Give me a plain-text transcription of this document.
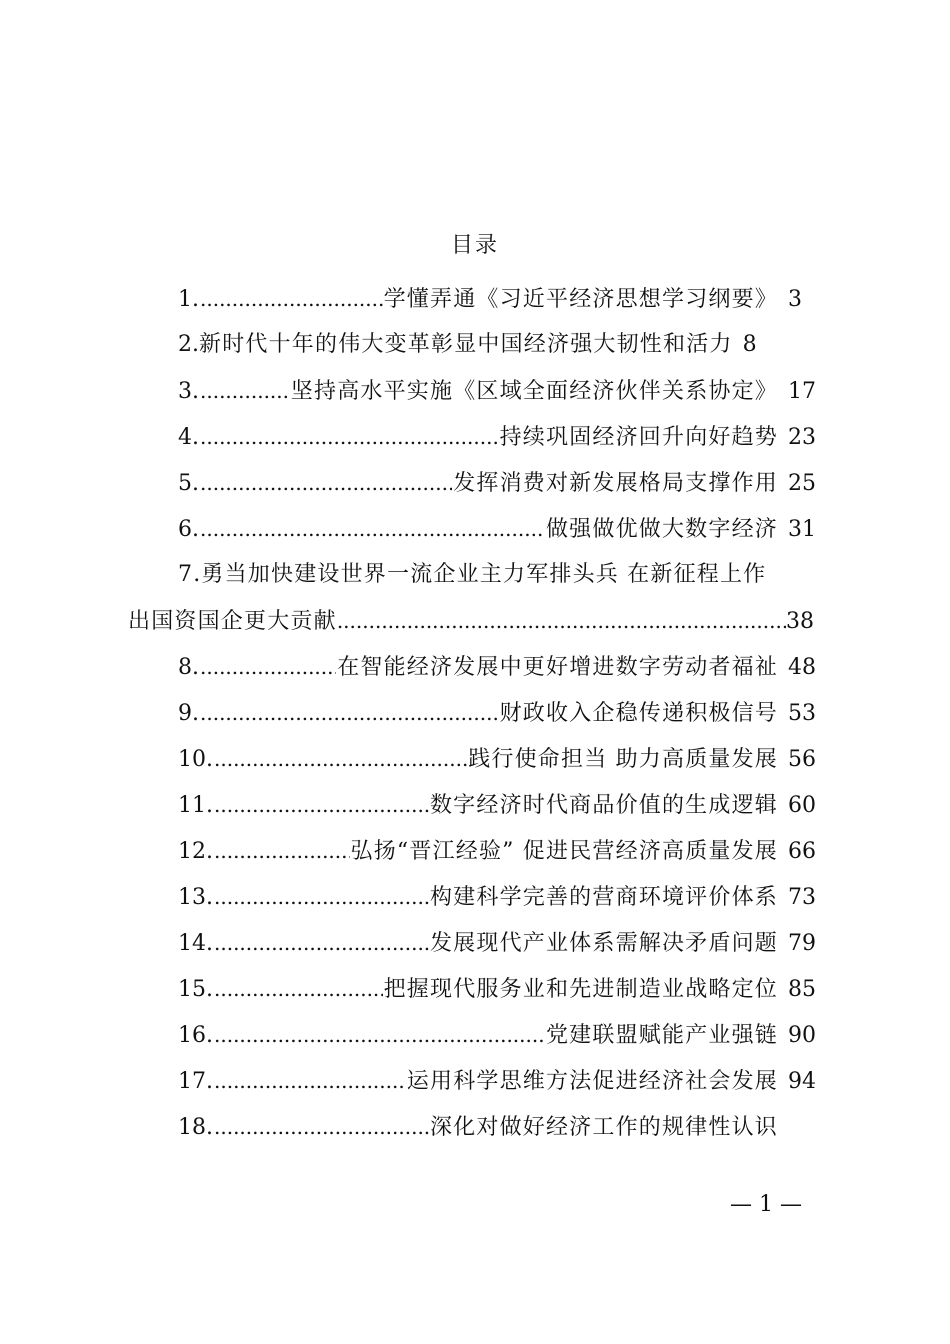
目录
1. .....	学懂弄通《习近平经济思想学习纲要》 3
2. 新时代十年的伟大变革彰显中国经济强大韧性和活力 8
3. .....	坚持高水平实施《区域全面经济伙伴关系协定》 17
4. .....	持续巩固经济回升向好趋势 23
5. .....	发挥消费对新发展格局支撑作用 25
6. .....	做强做优做大数字经济 31
7.勇当加快建设世界一流企业主力军排头兵 在新征程上作
出国资国企更大贡献 .....	38
8. .....	在智能经济发展中更好增进数字劳动者福祉 48
9. .....	财政收入企稳传递积极信号 53
10. .....	践行使命担当 助力高质量发展 56
11. .....	数字经济时代商品价值的生成逻辑 60
12. .....	弘扬“晋江经验” 促进民营经济高质量发展 66
13. .....	构建科学完善的营商环境评价体系 73
14. .....	发展现代产业体系需解决矛盾问题 79
15. .....	把握现代服务业和先进制造业战略定位 85
16. .....	党建联盟赋能产业强链 90
17. .....	运用科学思维方法促进经济社会发展 94
18. .....	深化对做好经济工作的规律性认识
— 1 —
